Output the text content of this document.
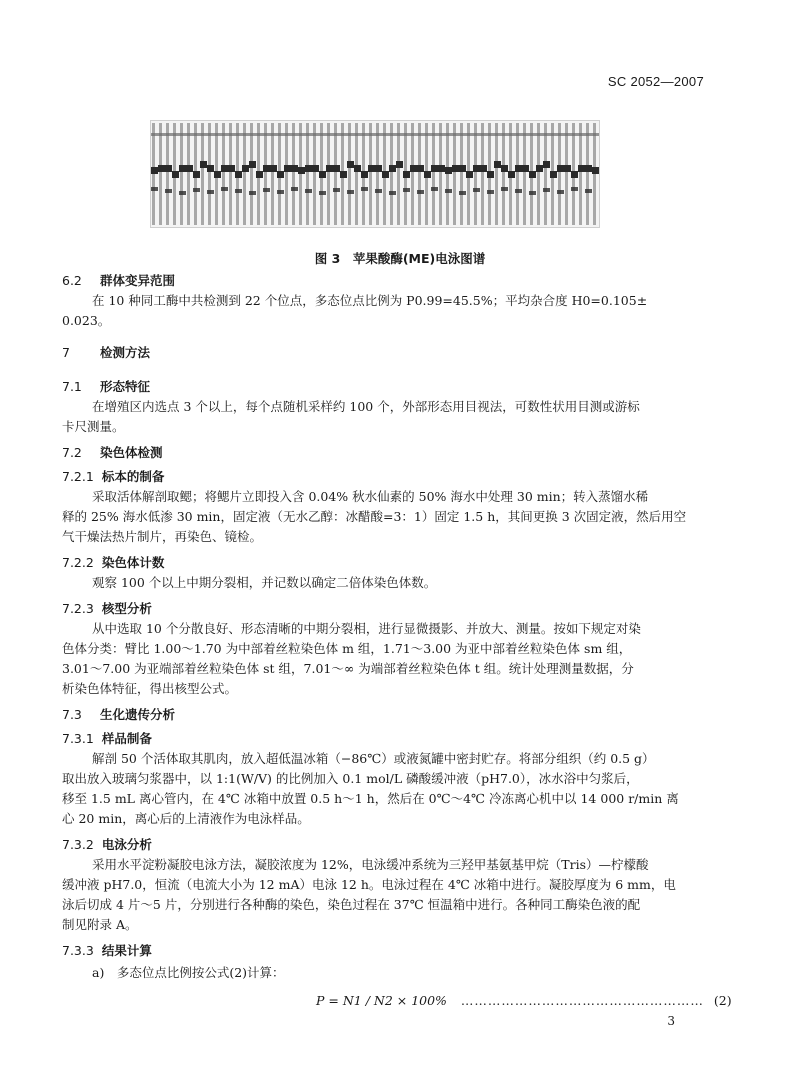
SC 2052—2007
图 3　苹果酸酶(ME)电泳图谱
6.2 群体变异范围
在 10 种同工酶中共检测到 22 个位点，多态位点比例为 P0.99=45.5%；平均杂合度 H0=0.105±
0.023。
7 检测方法
7.1 形态特征
在增殖区内选点 3 个以上，每个点随机采样约 100 个，外部形态用目视法，可数性状用目测或游标
卡尺测量。
7.2 染色体检测
7.2.1 标本的制备
采取活体解剖取鳃；将鳃片立即投入含 0.04% 秋水仙素的 50% 海水中处理 30 min；转入蒸馏水稀
释的 25% 海水低渗 30 min，固定液（无水乙醇：冰醋酸=3：1）固定 1.5 h，其间更换 3 次固定液，然后用空
气干燥法热片制片，再染色、镜检。
7.2.2 染色体计数
观察 100 个以上中期分裂相，并记数以确定二倍体染色体数。
7.2.3 核型分析
从中选取 10 个分散良好、形态清晰的中期分裂相，进行显微摄影、并放大、测量。按如下规定对染
色体分类：臂比 1.00～1.70 为中部着丝粒染色体 m 组，1.71～3.00 为亚中部着丝粒染色体 sm 组，
3.01～7.00 为亚端部着丝粒染色体 st 组，7.01～∞ 为端部着丝粒染色体 t 组。统计处理测量数据，分
析染色体特征，得出核型公式。
7.3 生化遗传分析
7.3.1 样品制备
解剖 50 个活体取其肌肉，放入超低温冰箱（−86℃）或液氮罐中密封贮存。将部分组织（约 0.5 g）
取出放入玻璃匀浆器中，以 1:1(W/V) 的比例加入 0.1 mol/L 磷酸缓冲液（pH7.0），冰水浴中匀浆后，
移至 1.5 mL 离心管内，在 4℃ 冰箱中放置 0.5 h～1 h，然后在 0℃～4℃ 冷冻离心机中以 14 000 r/min 离
心 20 min，离心后的上清液作为电泳样品。
7.3.2 电泳分析
采用水平淀粉凝胶电泳方法，凝胶浓度为 12%，电泳缓冲系统为三羟甲基氨基甲烷（Tris）—柠檬酸
缓冲液 pH7.0，恒流（电流大小为 12 mA）电泳 12 h。电泳过程在 4℃ 冰箱中进行。凝胶厚度为 6 mm，电
泳后切成 4 片～5 片，分别进行各种酶的染色，染色过程在 37℃ 恒温箱中进行。各种同工酶染色液的配
制见附录 A。
7.3.3 结果计算
a)　多态位点比例按公式(2)计算：
P = N1 / N2 × 100% ……………………………………………… (2)
3
